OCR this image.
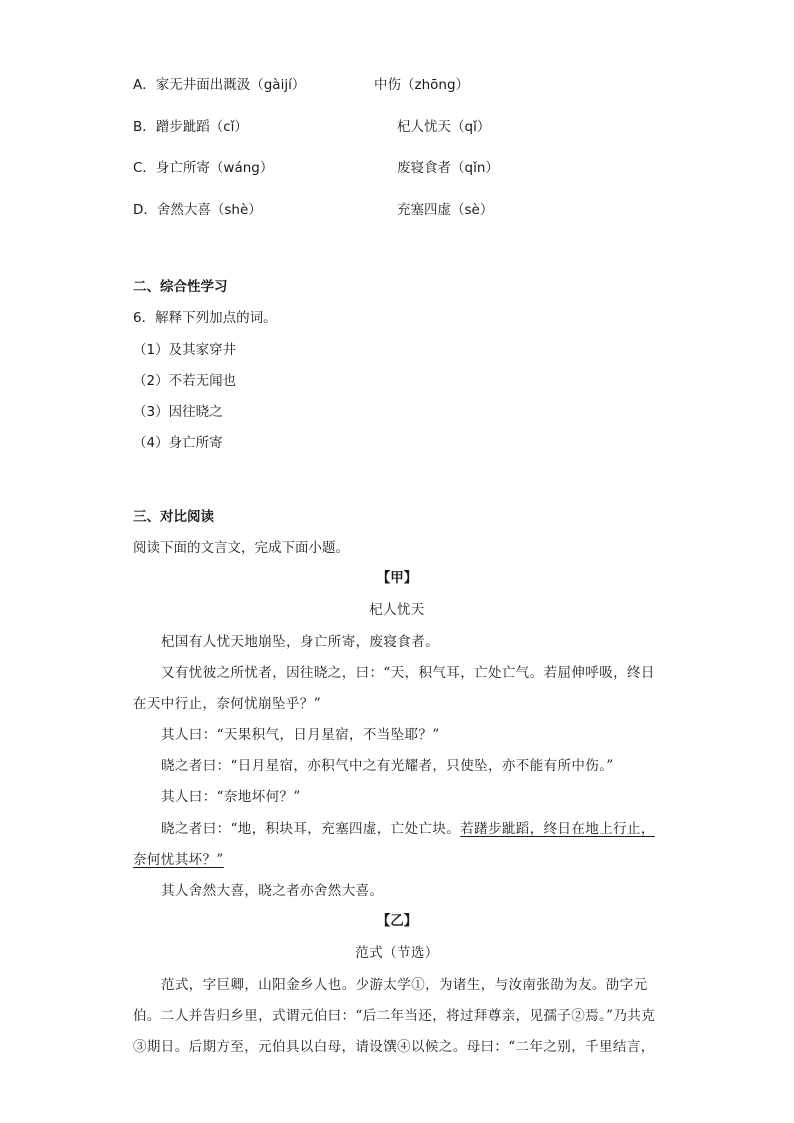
A．家无井面出溉汲（gàijí）	中伤（zhōng）
B．蹭步跐蹈（cǐ）	杞人忧天（qǐ）
C．身亡所寄（wáng）	废寝食者（qǐn）
D．舍然大喜（shè）	充塞四虚（sè）
二、综合性学习
6．解释下列加点的词。
（1）及其家穿井
（2）不若无闻也
（3）因往晓之
（4）身亡所寄
三、对比阅读
阅读下面的文言文，完成下面小题。
【甲】
杞人忧天
杞国有人忧天地崩坠，身亡所寄，废寝食者。
又有忧彼之所忧者，因往晓之，曰：“天，积气耳，亡处亡气。若屈伸呼吸，终日
在天中行止，奈何忧崩坠乎？”
其人曰：“天果积气，日月星宿，不当坠耶？”
晓之者曰：“日月星宿，亦积气中之有光耀者，只使坠，亦不能有所中伤。”
其人曰：“奈地坏何？”
晓之者曰：“地，积块耳，充塞四虚，亡处亡块。若躇步跐蹈，终日在地上行止，
奈何忧其坏？”
其人舍然大喜，晓之者亦舍然大喜。
【乙】
范式（节选）
范式，字巨卿，山阳金乡人也。少游太学①，为诸生，与汝南张劭为友。劭字元
伯。二人并告归乡里，式谓元伯曰：“后二年当还，将过拜尊亲，见孺子②焉。”乃共克
③期日。后期方至，元伯具以白母，请设馔④以候之。母曰：“二年之别，千里结言，
